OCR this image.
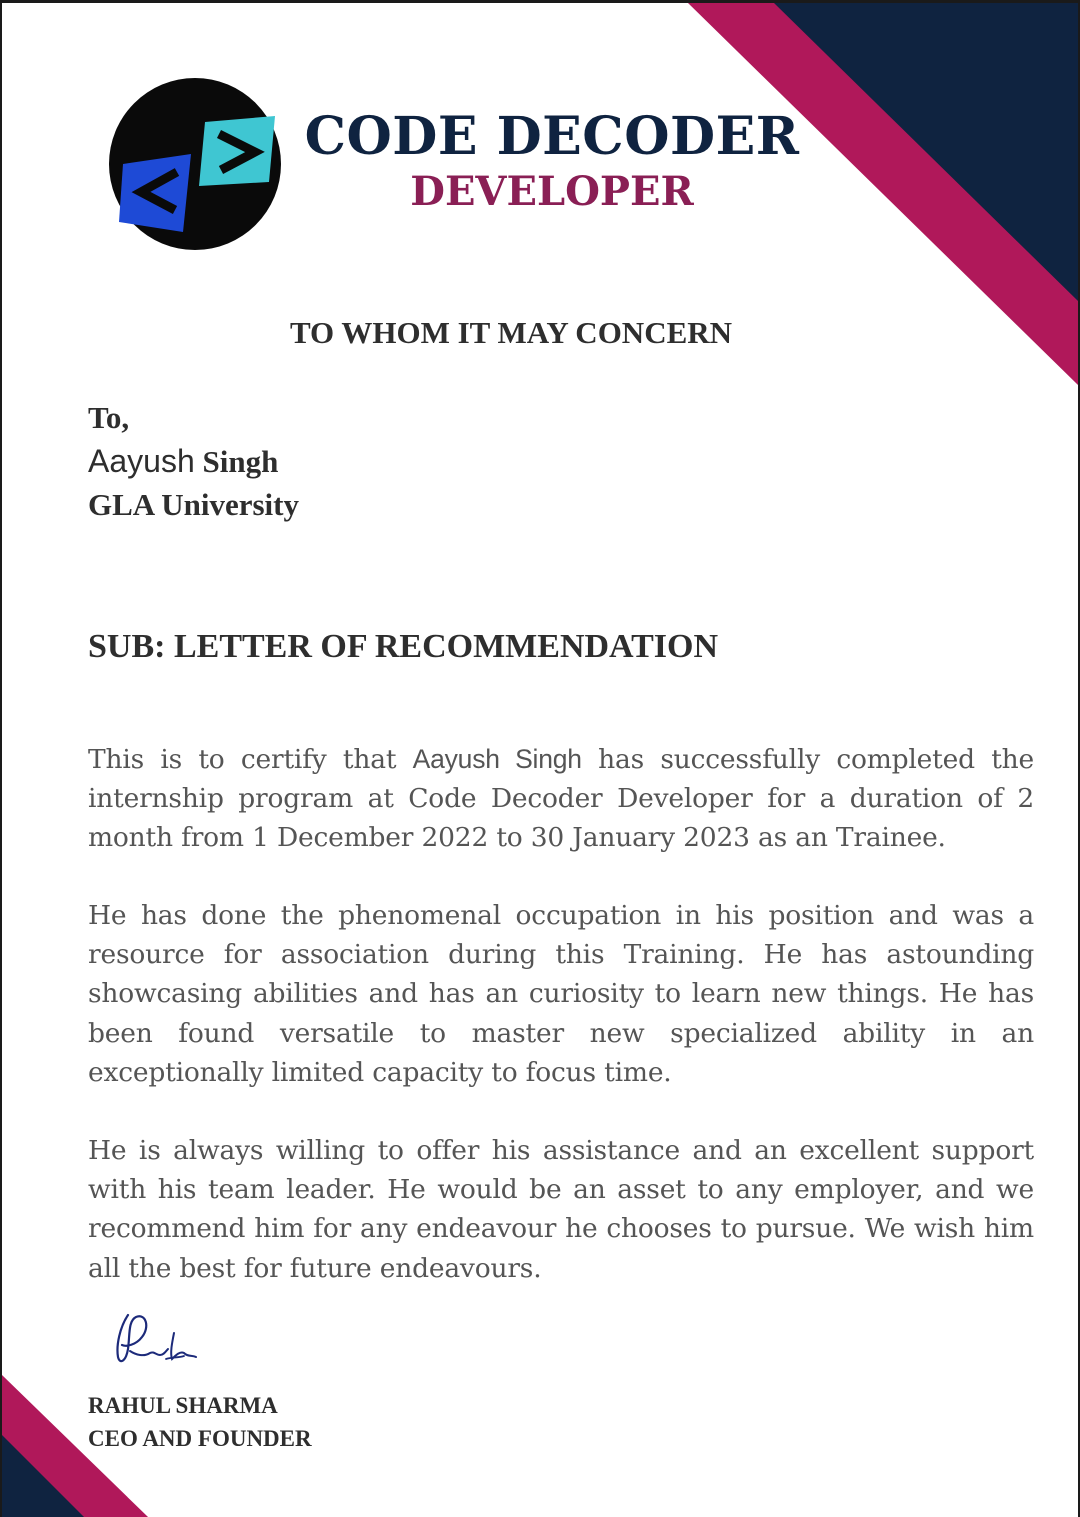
CODE DECODER
DEVELOPER
TO WHOM IT MAY CONCERN
To,
Aayush Singh
GLA University
SUB: LETTER OF RECOMMENDATION

This is to certify that Aayush Singh has successfully completed the internship program at Code Decoder Developer for a duration of 2 month from 1 December 2022 to 30 January 2023 as an Trainee.

He has done the phenomenal occupation in his position and was a resource for association during this Training. He has astounding showcasing abilities and has an curiosity to learn new things. He has been found versatile to master new specialized ability in an exceptionally limited capacity to focus time.

He is always willing to offer his assistance and an excellent support with his team leader. He would be an asset to any employer, and we recommend him for any endeavour he chooses to pursue. We wish him all the best for future endeavours.

RAHUL SHARMA
CEO AND FOUNDER
